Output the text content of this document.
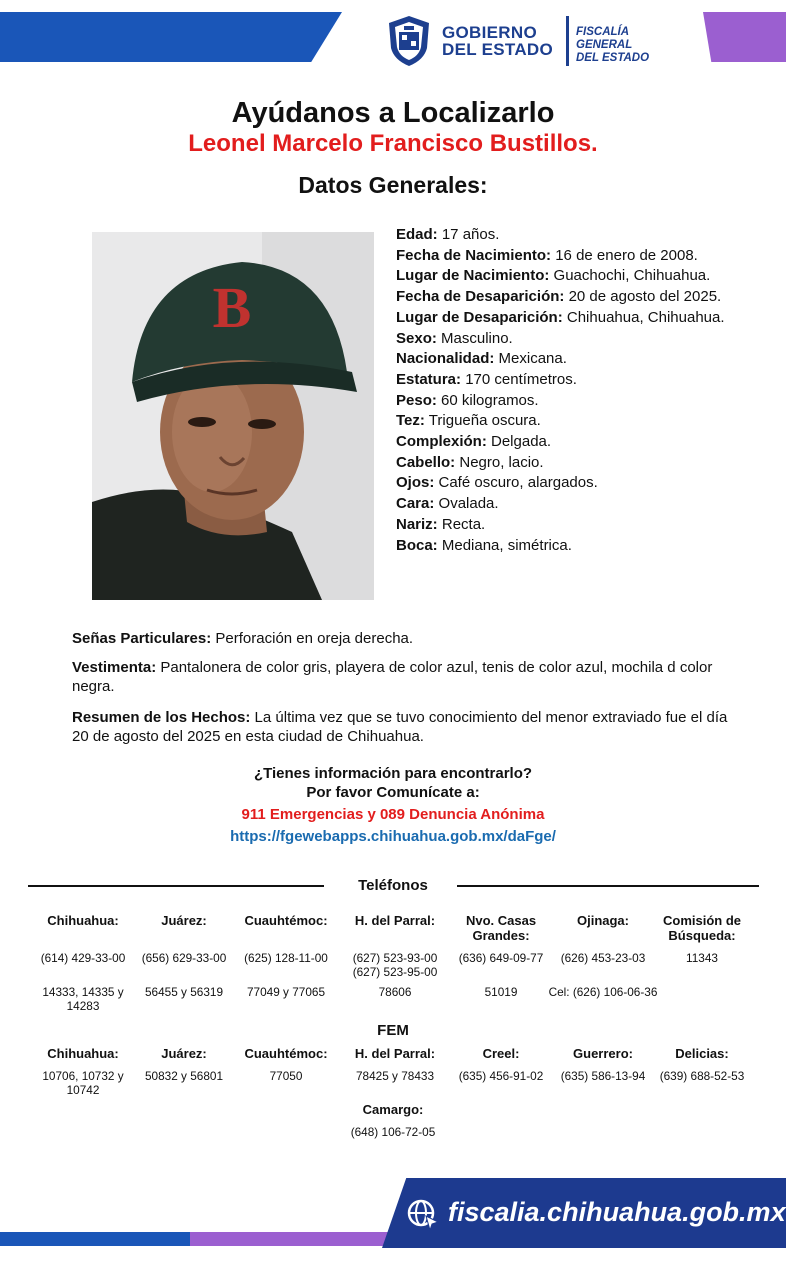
GOBIERNO
DEL ESTADO
FISCALÍA GENERAL
DEL ESTADO
Ayúdanos a Localizarlo
Leonel Marcelo Francisco Bustillos.
Datos Generales:
B
Edad: 17 años.
Fecha de Nacimiento: 16 de enero de 2008.
Lugar de Nacimiento: Guachochi, Chihuahua.
Fecha de Desaparición: 20 de agosto del 2025.
Lugar de Desaparición: Chihuahua, Chihuahua.
Sexo: Masculino.
Nacionalidad: Mexicana.
Estatura: 170 centímetros.
Peso: 60 kilogramos.
Tez: Trigueña oscura.
Complexión: Delgada.
Cabello: Negro, lacio.
Ojos: Café oscuro, alargados.
Cara: Ovalada.
Nariz: Recta.
Boca: Mediana, simétrica.
Señas Particulares: Perforación en oreja derecha.
Vestimenta: Pantalonera de color gris, playera de color azul, tenis de color azul, mochila d color negra.
Resumen de los Hechos: La última vez que se tuvo conocimiento del menor extraviado fue el día 20 de agosto del 2025 en esta ciudad de Chihuahua.
¿Tienes información para encontrarlo?
Por favor Comunícate a:
911 Emergencias y 089 Denuncia Anónima
https://fgewebapps.chihuahua.gob.mx/daFge/
Teléfonos
Chihuahua:
(614) 429-33-00
14333, 14335 y 14283
Juárez:
(656) 629-33-00
56455 y 56319
Cuauhtémoc:
(625) 128-11-00
77049 y 77065
H. del Parral:
(627) 523-93-00 (627) 523-95-00
78606
Nvo. Casas Grandes:
(636) 649-09-77
51019
Ojinaga:
(626) 453-23-03
Cel: (626) 106-06-36
Comisión de Búsqueda:
11343
FEM
Chihuahua:
10706, 10732 y 10742
Juárez:
50832 y 56801
Cuauhtémoc:
77050
H. del Parral:
78425 y 78433
Creel:
(635) 456-91-02
Guerrero:
(635) 586-13-94
Delicias:
(639) 688-52-53
Camargo:
(648) 106-72-05
fiscalia.chihuahua.gob.mx
